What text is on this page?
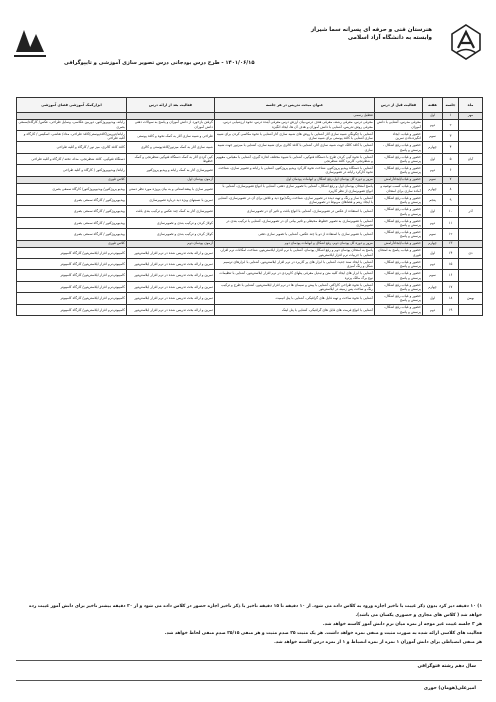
هنرستان فنی و حرفه ای پسرانه سما شیراز
وابسته به دانشگاه آزاد اسلامی
۱۴۰۱/۰۶/۱۵ - طرح درس بودجانی درس تصویر سازی آموزشی و تایپوگرافی
ماه	جلسه	هفته	فعالیت قبل از درس	عنوان مبحث تدریس در هر جلسه	فعالیت بعد از ارائه درس	ابزارکمک آموزشی فضای آموزشی
مهر	۱	اول		تعطیل رسمی		
	۲	دوم	معرفی مدرس، آشنایی با دانش آموزان	معرفی درس، معرفی رشته، معرفی هدف درس،بیان ارزش درس معرفی آینده درس، نحوه ارزشیابی درس، معرفی روش تدریس، آشنایی با دانش آموزان و هدف آن ها، ایجاد انگیزه	گرفتن بازخورد از دانش آموزان و پاسخ به سوالات ذهنی دانش آموزان	رایانه، ویدیوپروژکتور، دوربین عکاسی، وسایل طراحی، عکس/ کارگاه/سمعی بصری
	۳	سوم	حضور و غیاب، ایجاد انگیزه،دادن تمرین	آشنایی با چگونگی شبیه سازی آثار آشنایی با روش های شبیه سازی آثار آشنایی با نحوه مکاسی کردن برای شبیه سازی آشنایی با کاغذ پوستی برای شبیه سازی	طراحی و شبیه سازی آثار به کمک نحوه و کاغذ پوستی	رایانه/دوربین/کاغذپوستی/کاغذ طراحی، مداد/ نقاشی، اسکیس / کارگاه و آتلیه طراحی
	۴	چهارم	حضور و غیاب رفع اشکال ، پرسش و پاسخ	آشنایی با کاغذ کالک جهت شبیه سازی آثار، آشنایی با کاغذ کالری برای شبیه سازی، آشنایی با میزنور جهت شبیه سازی	شبیه سازی آثار به کمک میزنور/کاغذپوستی و کالری	کاغذ کاغذ کالری، میز نور / کارگاه و آتلیه طراحی
آبان	۵	اول	حضور و غیاب رفع اشکال، پرسش و پاسخ	آشنایی با نحوه کپی کردن طرح با دستگاه فتوکپی، آشنایی با شیوه مختلف اندازه گیری، آشنایی با مقیاس، مفهوم و شطرنجی، کاربرد کاغذ شطرنجی	کپی کردن آثار به کمک دستگاه فتوکپی شطرنجی و کمک خطوط	دستگاه فتوکپی، کاغذ شطرنجی، مداد، تخته / کارگاه و آتلیه طراحی
	۶	دوم	حضور و غیاب رفع اشکال، پرسش و پاسخ	آشنایی با دستگاه ویدیو پروژکتور، شناخت نحوه کارکرد ویدیو پروژکتور، آشنایی با رایانه و تصویر سازی، شناخت نحوه کارکرد رایانه در تصویرسازی	تصویرسازی آثار به کمک رایانه و ویدیو پروژکتور	رایانه/ ویدیوپروژکتور / کارگاه و آتلیه طراحی
	۷	سوم	حضور و غیاب/ایجادآرامش	مرور و دوره کل پودمان اول،رفع اشکال و ابهامات پودمان اول	آزمون پودمان اول	کلاس تئوری
	۸	چهارم	حضور و غیاب کسب توصیه و آماده سازی برای امتحان	پاسخ امتحان پودمان اول و رفع اشکال، آشنایی با تصویر سازی ذهنی، آشنایی با انواع تصویرسازی، آشنایی با انواع تصویرسازی از نظر کاربرد	تصویر سازی با پیشداستانی و به بیان پروژه مورد نظر دستی	ویدیو پروژکتور/ ویدیوپروژکتور/ کارگاه سمعی بصری
	۹	پنجم	حضور و غیاب رفع اشکال، پرسش و پاسخ	آشنایی با ساز و رنگ و تهیه دیده در تصویر سازی، شناخت رنگ(نوع دید و تلاش برای آن در تصویرسازی، آشنایی با ایجاد ریتم و فضاهای مربوط در تصویرسازی	تمرین با نسبتهای ویژه دید درباره تصویرسازی	ویدیوپروژکتور / کارگاه سمعی بصری
آذر	۱۰	اول	حضور و غیاب رفع اشکال، پرسش و پاسخ	آشنایی با استفاده از عکس در تصویرسازی، آشنایی با انواع بافت و تاثیر آن در تصویرسازی	تصویرسازی آثار به کمک چند عکس و ترکیب بندی بافت	ویدیوپروژکتور / کارگاه سمعی بصری
	۱۱	دوم	حضور و غیاب رفع اشکال، پرسش و پاسخ	آشنایی با تصویرسازی به تصویر خطوط محیطی و تاثیر بیانی آن در تصویرسازی، آشنایی با ترکیب بندی در تصویرسازی	کولاژ کردن و ترکیب بندی و تصویرسازی	ویدیوپروژکتور / کارگاه سمعی بصری
	۱۲	سوم	حضور و غیاب رفع اشکال، پرسش و پاسخ	آشنایی با تصویر سازی با استفاده از دو یا چند عکس، آشنایی با تصویر سازی ذهنی	کولاژ کردن و ترکیب بندی و تصویرسازی	ویدیوپروژکتور / کارگاه سمعی بصری
	۱۳	چهارم	حضور و غیاب/ایجادآرامش	مرور و دوره کل پودمان دوم، رفع اشکال و ابهامات پودمان دوم	آزمون پودمان دوم	کلاس تئوری
دی	۱۴	اول	حضور و غیاب، پاسخ به امتحان تئوری	پاسخ به امتحان پودمان دوم و رفع اشکال پودمان، آشنایی با نرم افزار ایلاستریتور، شناخت امکانات نرم افزار، آشنایی با جزییات نرم افزار ایلاستریتور	تمرین و ارائه بحث تدریس شده در نرم افزار ایلاستریتور	کامپیوتر،نرم افزار ایلاستریتور/ کارگاه کامپیوتر
	۱۵	دوم	حضور و غیاب رفع اشکال، پرسش و پاسخ	آشنایی با ایجاد سند جدید، آشنایی با ابزار های پر کاربرد در نرم افزار ایلاستریتور، آشنایی با ابزارهای ترسیم شکل و رنگ آمیزی	تمرین و ارائه بحث تدریس شده در نرم افزار ایلاستریتور	کامپیوتر،نرم افزار ایلاستریتور/ کارگاه کامپیوتر
	۱۶	سوم	حضور و غیاب رفع اشکال، پرسش و پاسخ	آشنایی با ابزار های ایجاد کلیه متن و تبدیل معرفی پنلهای کاربردی در نرم افزار ایلاستریتور، آشنایی با تنظیمات نوع برگ مالک پرتره	تمرین و ارائه بحث تدریس شده در نرم افزار ایلاستریتور	کامپیوتر،نرم افزار ایلاستریتور/ کارگاه کامپیوتر
	۱۷	چهارم	حضور و غیاب رفع اشکال، پرسش و پاسخ	آشنایی با نحوه طراحی کاراکتر، آشنایی با پیش و سیمان ها در نرم افزار ایلاستریتور، آشنایی با طرح و ترکیب رنگ و ساخت پس زمینه در ایلاستریتور	تمرین و ارائه بحث تدریس شده در نرم افزار ایلاستریتور	کامپیوتر،نرم افزار ایلاستریتور/ کارگاه کامپیوتر
بهمن	۱۸	اول	حضور و غیاب رفع اشکال، پرسش و پاسخ	آشنایی با نحوه ساخت و تهیه فایل های گرافیکی، آشنایی با پنل انیمیت	تمرین و ارائه بحث تدریس شده در نرم افزار ایلاستریتور	کامپیوتر،نرم افزار ایلاستریتور/ کارگاه کامپیوتر
	۱۹	دوم	حضور و غیاب رفع اشکال، پرسش و پاسخ	آشنایی با انواع فرمت های فایل های گرافیکی، آشنایی با پنل لینک	تمرین و ارائه بحث تدریس شده در نرم افزار ایلاستریتور	کامپیوتر،نرم افزار ایلاستریتور/ کارگاه کامپیوتر
۱) ۱۰ دقیقه دیر کرد بدون ذکر غیبت با تاخیر اجازه ورود به کلاس داده می شود. از ۱۰ دقیقه تا ۱۵ دقیقه تاخیر با ذکر تاخیر اجازه حضور در کلاس داده می شود و از ۲۰ دقیقه بیشتر تاخیر برای دانش آموز غیبت رده خواهد شد ( کلاس های مجازی و حضوری یکسان می باشد).
هر ۳ جلسه غیبت غیر موجه از نمره میان ترم دانش آموز کاسته خواهد شد.
فعالیت های کلاسی ارائه شده به صورت مثبت و منفی نمره خواهد داشت. هر یک مثبت ۲۵ صدم مثبت و هر منفی ۲۵/۱۵ صدم منفی لحاظ خواهد شد.
هر منفی انضباطی برای دانش آموزان ۱ نمره از نمره انضباط و ۱ از نمره درس کاسته خواهد شد.
سال دهم رشته فتوگرافی
امیرعلی(هومان) حوری
